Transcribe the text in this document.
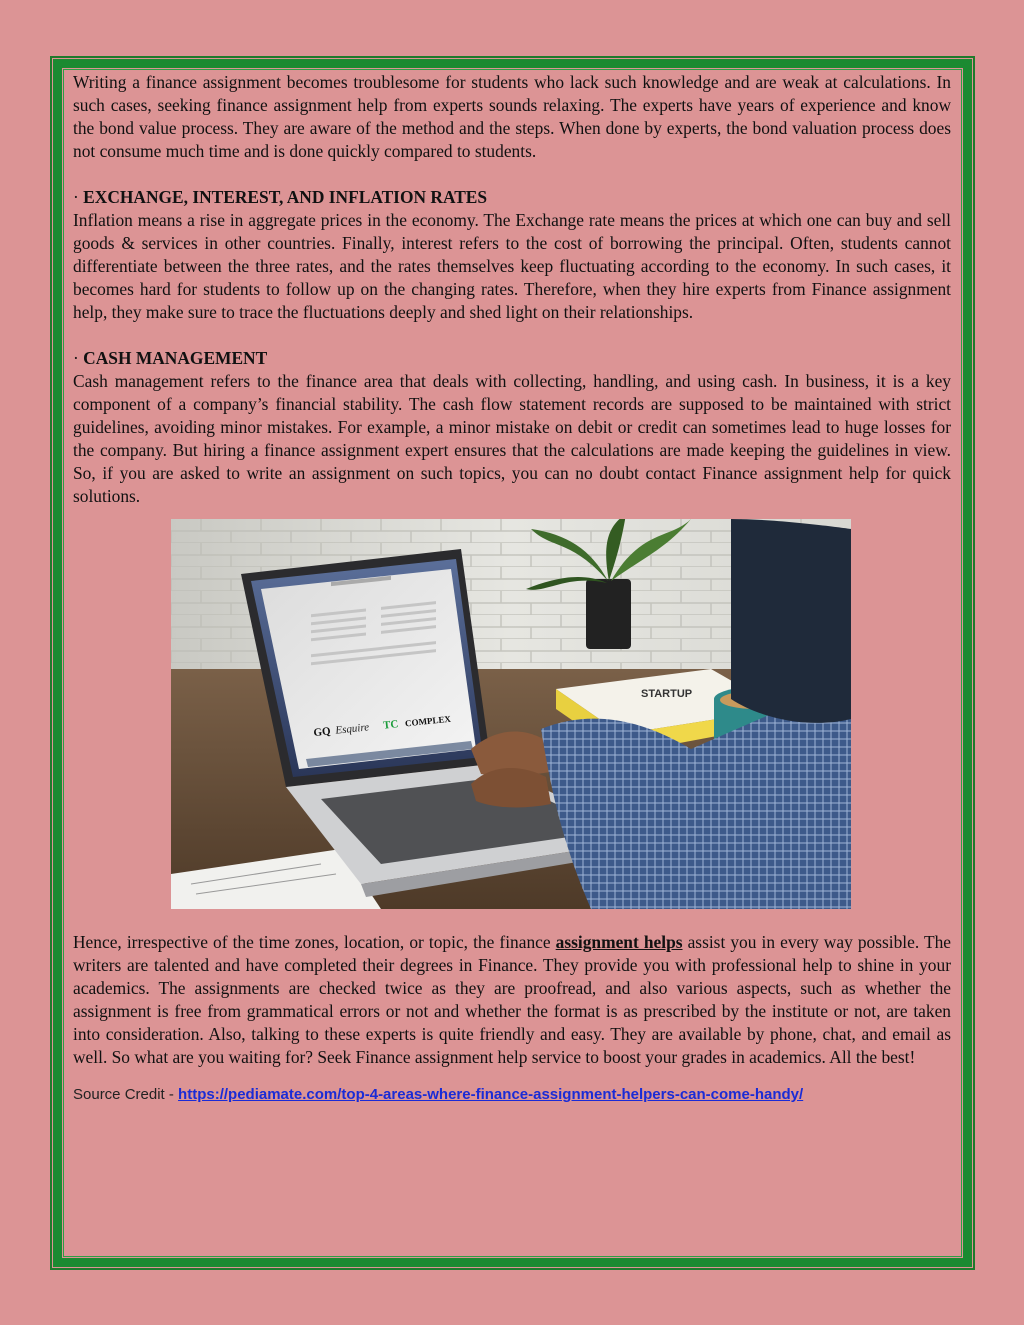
Writing a finance assignment becomes troublesome for students who lack such knowledge and are weak at calculations. In such cases, seeking finance assignment help from experts sounds relaxing. The experts have years of experience and know the bond value process. They are aware of the method and the steps. When done by experts, the bond valuation process does not consume much time and is done quickly compared to students.

· EXCHANGE, INTEREST, AND INFLATION RATES

Inflation means a rise in aggregate prices in the economy. The Exchange rate means the prices at which one can buy and sell goods & services in other countries. Finally, interest refers to the cost of borrowing the principal. Often, students cannot differentiate between the three rates, and the rates themselves keep fluctuating according to the economy. In such cases, it becomes hard for students to follow up on the changing rates. Therefore, when they hire experts from Finance assignment help, they make sure to trace the fluctuations deeply and shed light on their relationships.

· CASH MANAGEMENT

Cash management refers to the finance area that deals with collecting, handling, and using cash. In business, it is a key component of a company’s financial stability. The cash flow statement records are supposed to be maintained with strict guidelines, avoiding minor mistakes. For example, a minor mistake on debit or credit can sometimes lead to huge losses for the company. But hiring a finance assignment expert ensures that the calculations are made keeping the guidelines in view. So, if you are asked to write an assignment on such topics, you can no doubt contact Finance assignment help for quick solutions.

STARTUP
GQ Esquire TC COMPLEX

Hence, irrespective of the time zones, location, or topic, the finance assignment helps assist you in every way possible. The writers are talented and have completed their degrees in Finance. They provide you with professional help to shine in your academics. The assignments are checked twice as they are proofread, and also various aspects, such as whether the assignment is free from grammatical errors or not and whether the format is as prescribed by the institute or not, are taken into consideration. Also, talking to these experts is quite friendly and easy. They are available by phone, chat, and email as well. So what are you waiting for? Seek Finance assignment help service to boost your grades in academics. All the best!

Source Credit - https://pediamate.com/top-4-areas-where-finance-assignment-helpers-can-come-handy/
